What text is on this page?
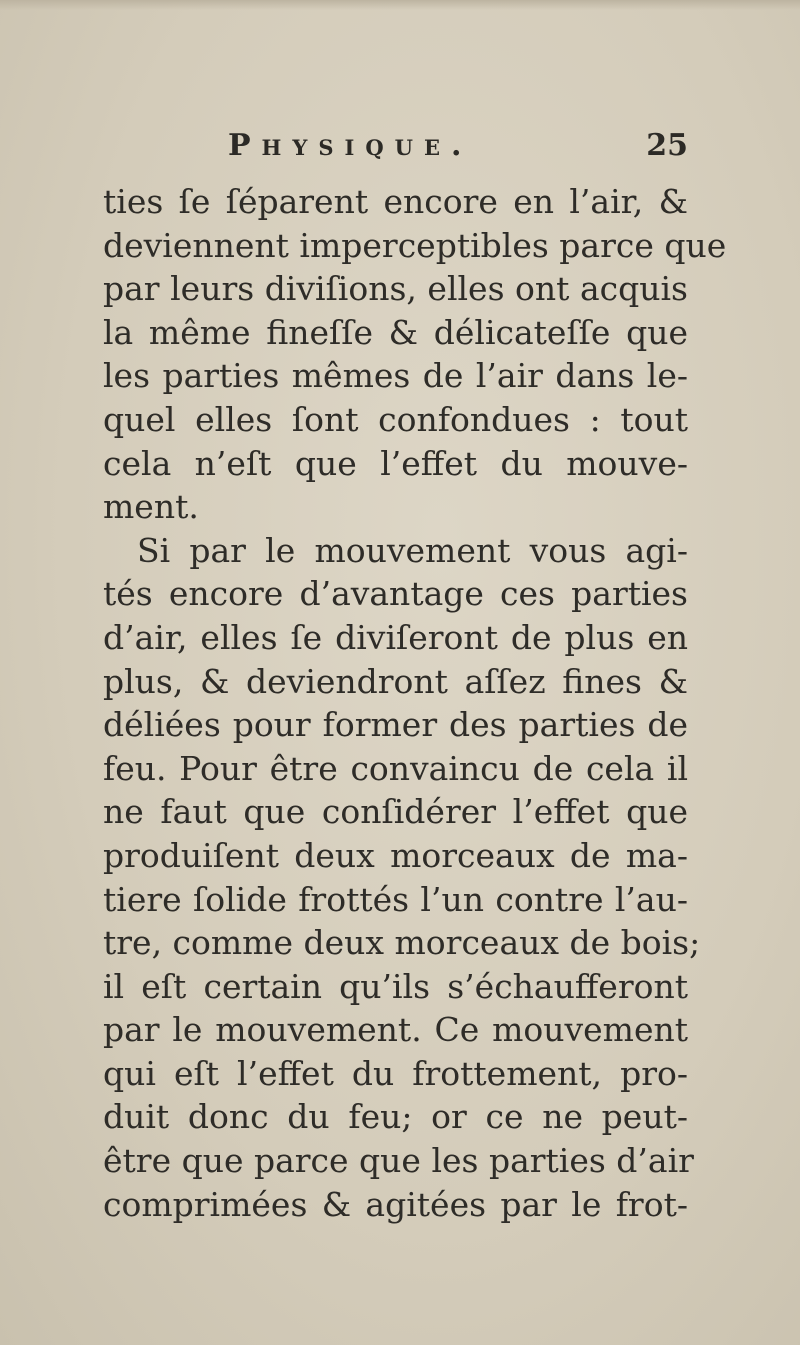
Physique.	25
ties ſe ſéparent encore en l’air, &
deviennent imperceptibles parce que
par leurs diviſions, elles ont acquis
la même fineſſe & délicateſſe que
les parties mêmes de l’air dans le-
quel elles ſont confondues : tout
cela n’eſt que l’effet du mouve-
ment.
Si par le mouvement vous agi-
tés encore d’avantage ces parties
d’air, elles ſe diviſeront de plus en
plus, & deviendront aſſez fines &
déliées pour former des parties de
feu. Pour être convaincu de cela il
ne faut que conſidérer l’effet que
produiſent deux morceaux de ma-
tiere ſolide frottés l’un contre l’au-
tre, comme deux morceaux de bois;
il eſt certain qu’ils s’échaufferont
par le mouvement. Ce mouvement
qui eſt l’effet du frottement, pro-
duit donc du feu; or ce ne peut-
être que parce que les parties d’air
comprimées & agitées par le frot-
